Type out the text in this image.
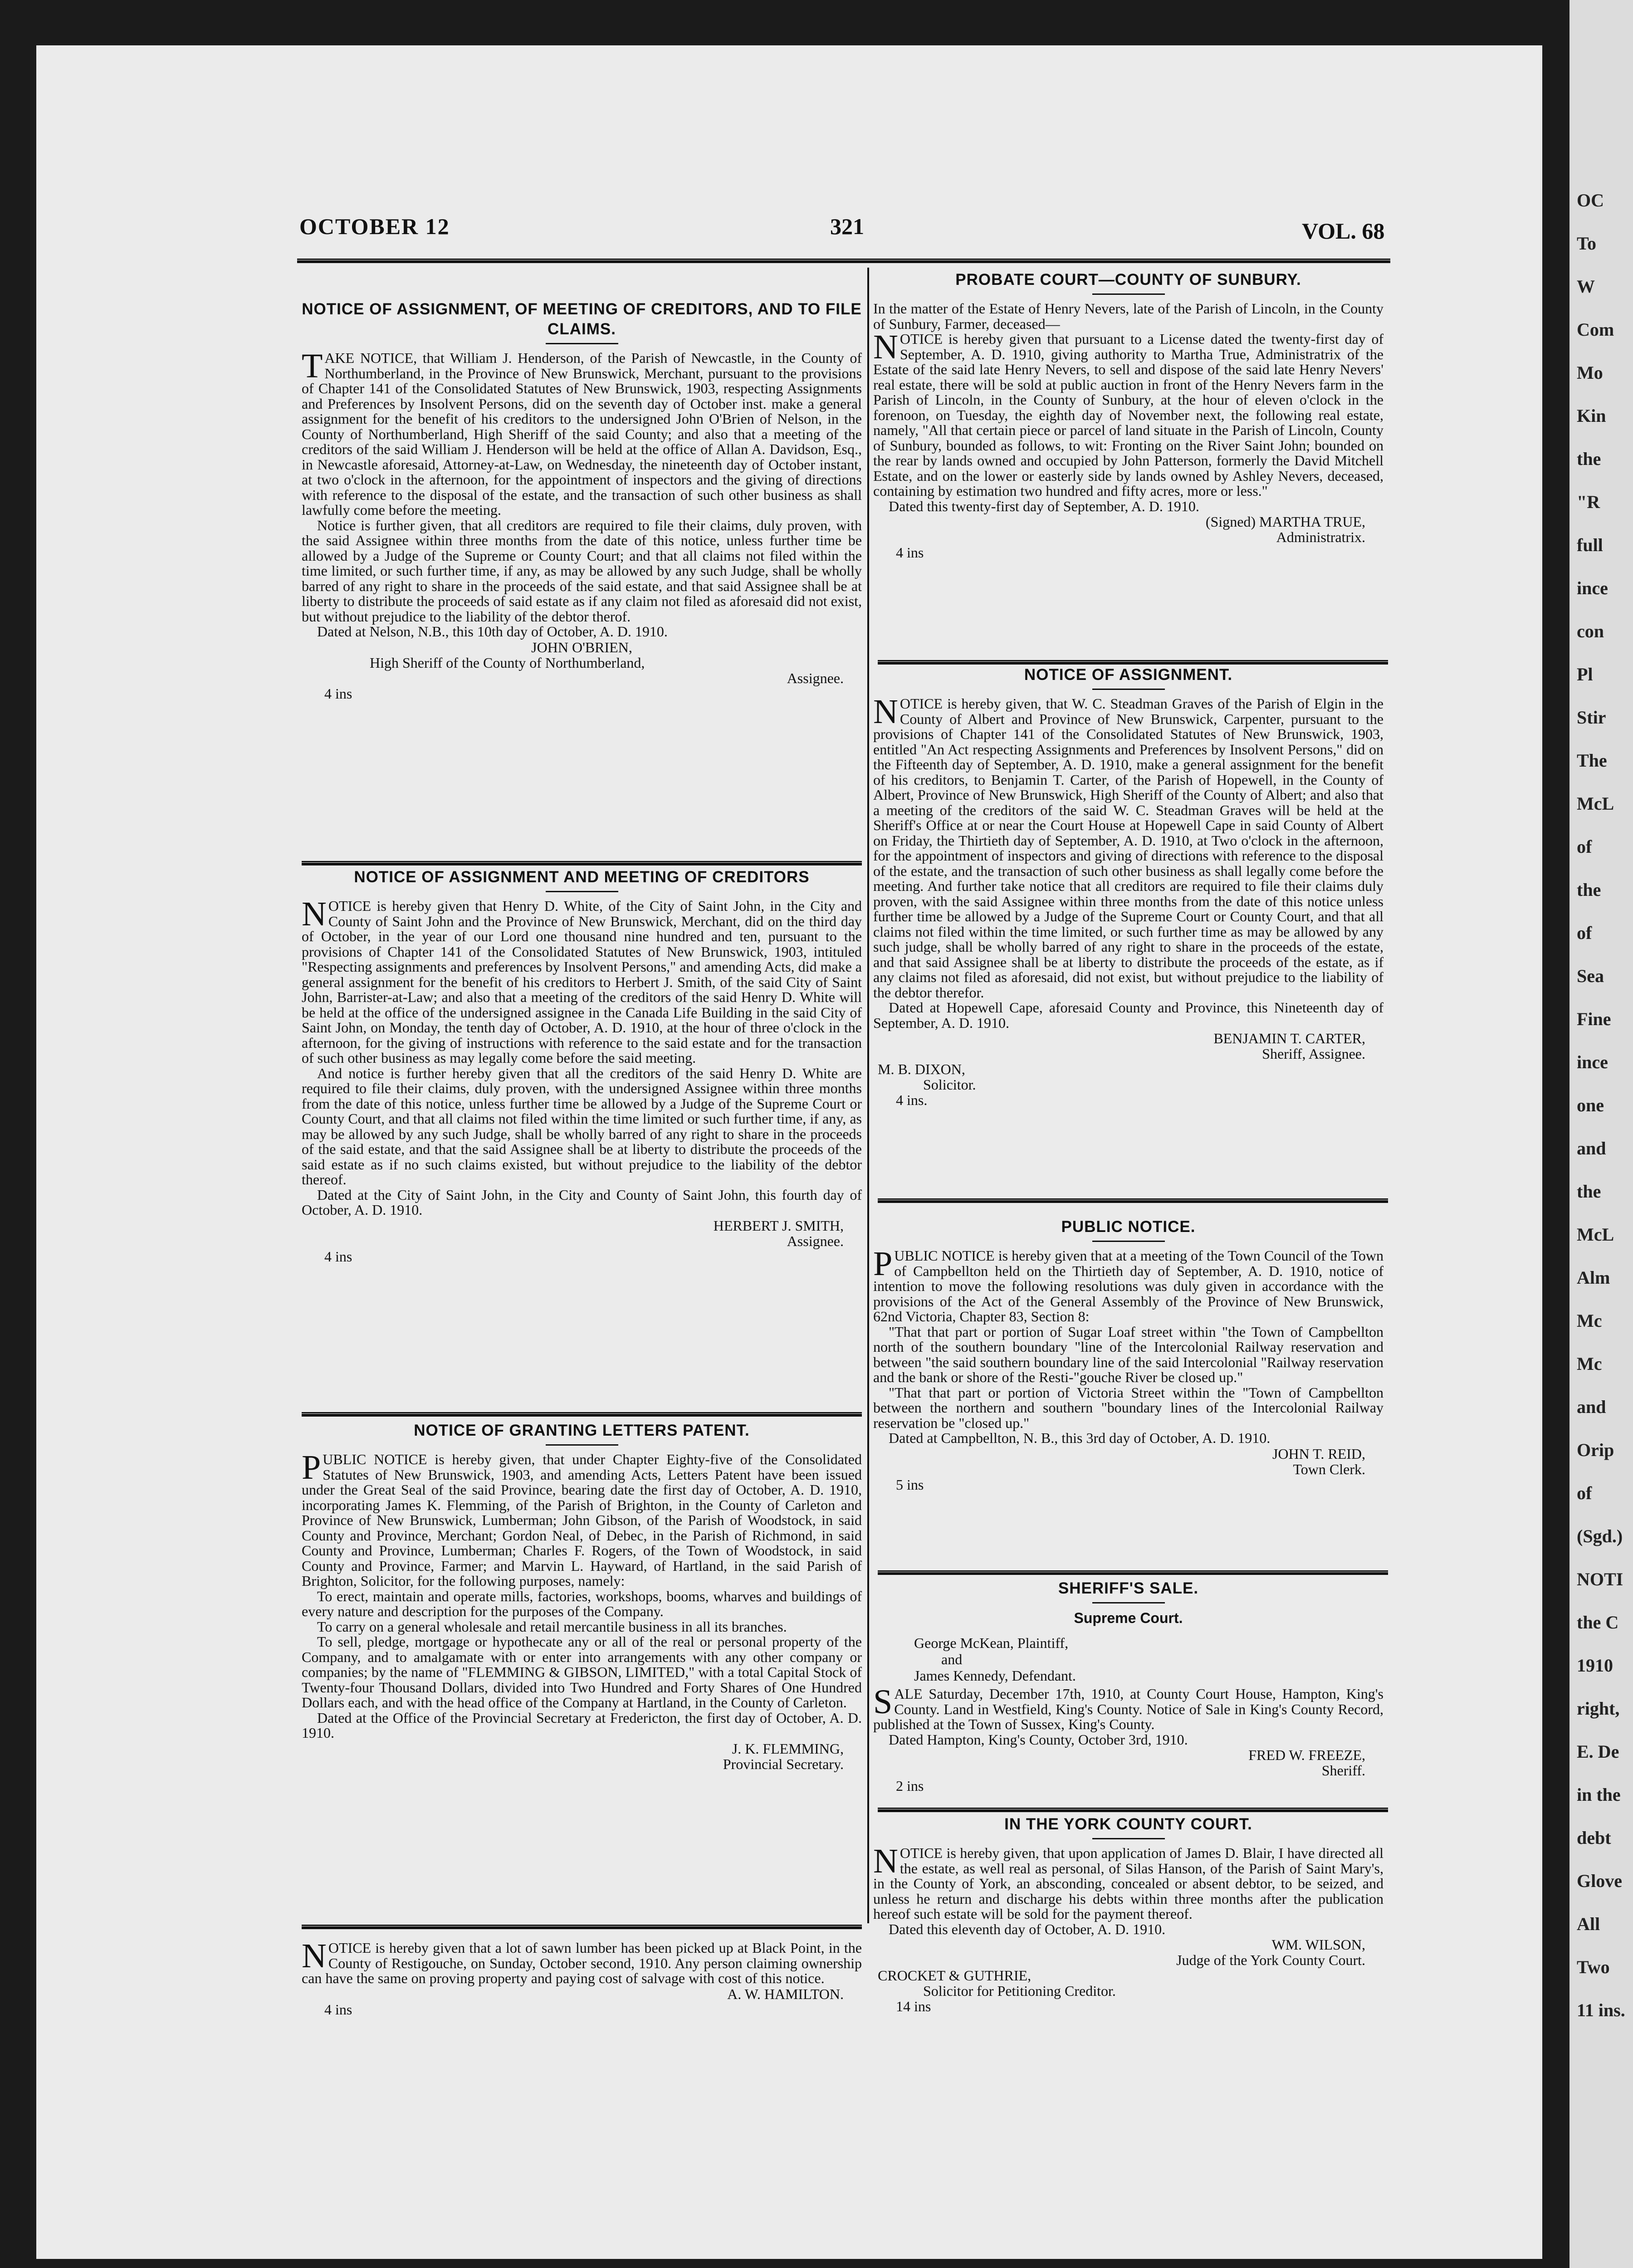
OC
To
W
Com
Mo
Kin
the
"R
full
ince
con
Pl
Stir
The
McL
of
the
of
Sea
Fine
ince
one
and
the
McL
Alm
Mc
Mc
and
Orip
of
(Sgd.)
NOTI
the C
1910
right,
E. De
in the
debt
Glove
All
Two
11 ins.
OCTOBER 12	321	VOL. 68
NOTICE OF ASSIGNMENT, OF MEETING OF CREDITORS, AND TO FILE CLAIMS.

TAKE NOTICE, that William J. Henderson, of the Parish of Newcastle, in the County of Northumberland, in the Province of New Brunswick, Merchant, pursuant to the provisions of Chapter 141 of the Consolidated Statutes of New Brunswick, 1903, respecting Assignments and Preferences by Insolvent Persons, did on the seventh day of October inst. make a general assignment for the benefit of his creditors to the undersigned John O'Brien of Nelson, in the County of Northumberland, High Sheriff of the said County; and also that a meeting of the creditors of the said William J. Henderson will be held at the office of Allan A. Davidson, Esq., in Newcastle aforesaid, Attorney-at-Law, on Wednesday, the nineteenth day of October instant, at two o'clock in the afternoon, for the appointment of inspectors and the giving of directions with reference to the disposal of the estate, and the transaction of such other business as shall lawfully come before the meeting.

Notice is further given, that all creditors are required to file their claims, duly proven, with the said Assignee within three months from the date of this notice, unless further time be allowed by a Judge of the Supreme or County Court; and that all claims not filed within the time limited, or such further time, if any, as may be allowed by any such Judge, shall be wholly barred of any right to share in the proceeds of the said estate, and that said Assignee shall be at liberty to distribute the proceeds of said estate as if any claim not filed as aforesaid did not exist, but without prejudice to the liability of the debtor therof.

Dated at Nelson, N.B., this 10th day of October, A. D. 1910.

JOHN O'BRIEN,
High Sheriff of the County of Northumberland,
Assignee.
4 ins
NOTICE OF ASSIGNMENT AND MEETING OF CREDITORS

NOTICE is hereby given that Henry D. White, of the City of Saint John, in the City and County of Saint John and the Province of New Brunswick, Merchant, did on the third day of October, in the year of our Lord one thousand nine hundred and ten, pursuant to the provisions of Chapter 141 of the Consolidated Statutes of New Brunswick, 1903, intituled "Respecting assignments and preferences by Insolvent Persons," and amending Acts, did make a general assignment for the benefit of his creditors to Herbert J. Smith, of the said City of Saint John, Barrister-at-Law; and also that a meeting of the creditors of the said Henry D. White will be held at the office of the undersigned assignee in the Canada Life Building in the said City of Saint John, on Monday, the tenth day of October, A. D. 1910, at the hour of three o'clock in the afternoon, for the giving of instructions with reference to the said estate and for the transaction of such other business as may legally come before the said meeting.

And notice is further hereby given that all the creditors of the said Henry D. White are required to file their claims, duly proven, with the undersigned Assignee within three months from the date of this notice, unless further time be allowed by a Judge of the Supreme Court or County Court, and that all claims not filed within the time limited or such further time, if any, as may be allowed by any such Judge, shall be wholly barred of any right to share in the proceeds of the said estate, and that the said Assignee shall be at liberty to distribute the proceeds of the said estate as if no such claims existed, but without prejudice to the liability of the debtor thereof.

Dated at the City of Saint John, in the City and County of Saint John, this fourth day of October, A. D. 1910.

HERBERT J. SMITH,
Assignee.
4 ins
NOTICE OF GRANTING LETTERS PATENT.

PUBLIC NOTICE is hereby given, that under Chapter Eighty-five of the Consolidated Statutes of New Brunswick, 1903, and amending Acts, Letters Patent have been issued under the Great Seal of the said Province, bearing date the first day of October, A. D. 1910, incorporating James K. Flemming, of the Parish of Brighton, in the County of Carleton and Province of New Brunswick, Lumberman; John Gibson, of the Parish of Woodstock, in said County and Province, Merchant; Gordon Neal, of Debec, in the Parish of Richmond, in said County and Province, Lumberman; Charles F. Rogers, of the Town of Woodstock, in said County and Province, Farmer; and Marvin L. Hayward, of Hartland, in the said Parish of Brighton, Solicitor, for the following purposes, namely:

To erect, maintain and operate mills, factories, workshops, booms, wharves and buildings of every nature and description for the purposes of the Company.

To carry on a general wholesale and retail mercantile business in all its branches.

To sell, pledge, mortgage or hypothecate any or all of the real or personal property of the Company, and to amalgamate with or enter into arrangements with any other company or companies; by the name of "FLEMMING & GIBSON, LIMITED," with a total Capital Stock of Twenty-four Thousand Dollars, divided into Two Hundred and Forty Shares of One Hundred Dollars each, and with the head office of the Company at Hartland, in the County of Carleton.

Dated at the Office of the Provincial Secretary at Fredericton, the first day of October, A. D. 1910.

J. K. FLEMMING,
Provincial Secretary.

NOTICE is hereby given that a lot of sawn lumber has been picked up at Black Point, in the County of Restigouche, on Sunday, October second, 1910. Any person claiming ownership can have the same on proving property and paying cost of salvage with cost of this notice.

A. W. HAMILTON.
4 ins
PROBATE COURT—COUNTY OF SUNBURY.

In the matter of the Estate of Henry Nevers, late of the Parish of Lincoln, in the County of Sunbury, Farmer, deceased—

NOTICE is hereby given that pursuant to a License dated the twenty-first day of September, A. D. 1910, giving authority to Martha True, Administratrix of the Estate of the said late Henry Nevers, to sell and dispose of the said late Henry Nevers' real estate, there will be sold at public auction in front of the Henry Nevers farm in the Parish of Lincoln, in the County of Sunbury, at the hour of eleven o'clock in the forenoon, on Tuesday, the eighth day of November next, the following real estate, namely, "All that certain piece or parcel of land situate in the Parish of Lincoln, County of Sunbury, bounded as follows, to wit: Fronting on the River Saint John; bounded on the rear by lands owned and occupied by John Patterson, formerly the David Mitchell Estate, and on the lower or easterly side by lands owned by Ashley Nevers, deceased, containing by estimation two hundred and fifty acres, more or less."

Dated this twenty-first day of September, A. D. 1910.

(Signed) MARTHA TRUE,
Administratrix.
4 ins
NOTICE OF ASSIGNMENT.

NOTICE is hereby given, that W. C. Steadman Graves of the Parish of Elgin in the County of Albert and Province of New Brunswick, Carpenter, pursuant to the provisions of Chapter 141 of the Consolidated Statutes of New Brunswick, 1903, entitled "An Act respecting Assignments and Preferences by Insolvent Persons," did on the Fifteenth day of September, A. D. 1910, make a general assignment for the benefit of his creditors, to Benjamin T. Carter, of the Parish of Hopewell, in the County of Albert, Province of New Brunswick, High Sheriff of the County of Albert; and also that a meeting of the creditors of the said W. C. Steadman Graves will be held at the Sheriff's Office at or near the Court House at Hopewell Cape in said County of Albert on Friday, the Thirtieth day of September, A. D. 1910, at Two o'clock in the afternoon, for the appointment of inspectors and giving of directions with reference to the disposal of the estate, and the transaction of such other business as shall legally come before the meeting. And further take notice that all creditors are required to file their claims duly proven, with the said Assignee within three months from the date of this notice unless further time be allowed by a Judge of the Supreme Court or County Court, and that all claims not filed within the time limited, or such further time as may be allowed by any such judge, shall be wholly barred of any right to share in the proceeds of the estate, and that said Assignee shall be at liberty to distribute the proceeds of the estate, as if any claims not filed as aforesaid, did not exist, but without prejudice to the liability of the debtor therefor.

Dated at Hopewell Cape, aforesaid County and Province, this Nineteenth day of September, A. D. 1910.

BENJAMIN T. CARTER,
Sheriff, Assignee.
M. B. DIXON,
Solicitor.
4 ins.
PUBLIC NOTICE.

PUBLIC NOTICE is hereby given that at a meeting of the Town Council of the Town of Campbellton held on the Thirtieth day of September, A. D. 1910, notice of intention to move the following resolutions was duly given in accordance with the provisions of the Act of the General Assembly of the Province of New Brunswick, 62nd Victoria, Chapter 83, Section 8:

"That that part or portion of Sugar Loaf street within "the Town of Campbellton north of the southern boundary "line of the Intercolonial Railway reservation and between "the said southern boundary line of the said Intercolonial "Railway reservation and the bank or shore of the Resti-"gouche River be closed up."

"That that part or portion of Victoria Street within the "Town of Campbellton between the northern and southern "boundary lines of the Intercolonial Railway reservation be "closed up."

Dated at Campbellton, N. B., this 3rd day of October, A. D. 1910.

JOHN T. REID,
Town Clerk.
5 ins
SHERIFF'S SALE.
Supreme Court.
George McKean, Plaintiff,
and
James Kennedy, Defendant.

SALE Saturday, December 17th, 1910, at County Court House, Hampton, King's County. Land in Westfield, King's County. Notice of Sale in King's County Record, published at the Town of Sussex, King's County.

Dated Hampton, King's County, October 3rd, 1910.

FRED W. FREEZE,
Sheriff.
2 ins
IN THE YORK COUNTY COURT.

NOTICE is hereby given, that upon application of James D. Blair, I have directed all the estate, as well real as personal, of Silas Hanson, of the Parish of Saint Mary's, in the County of York, an absconding, concealed or absent debtor, to be seized, and unless he return and discharge his debts within three months after the publication hereof such estate will be sold for the payment thereof.

Dated this eleventh day of October, A. D. 1910.

WM. WILSON,
Judge of the York County Court.
CROCKET & GUTHRIE,
Solicitor for Petitioning Creditor.
14 ins
